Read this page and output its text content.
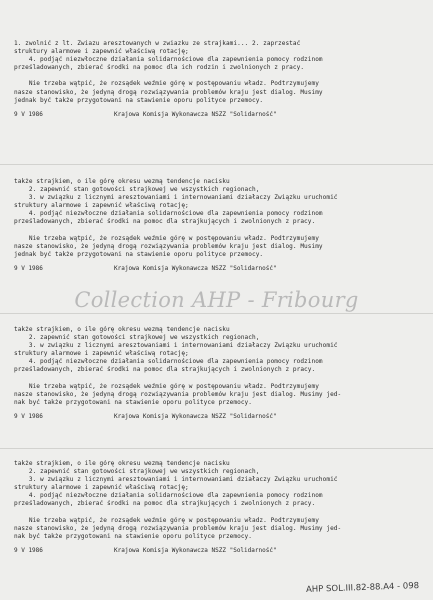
1. zwolnić z lt. Zwiazu aresztowanych w zwiazku ze strajkami... 2. zaprzestać
struktury alarmowe i zapewnić właściwą rotację;
4. podjąć niezwłoczne działania solidarnościowe dla zapewnienia pomocy rodzinom
prześladowanych, zbierać środki na pomoc dla ich rodzin i zwolnionych z pracy.

Nie trzeba wątpić, że rozsądek weźmie górę w postępowaniu władz. Podtrzymujemy
nasze stanowisko, że jedyną drogą rozwiązywania problemów kraju jest dialog. Musimy
jednak być także przygotowani na stawienie oporu polityce przemocy.
9 V 1986	Krajowa Komisja Wykonawcza NSZZ "Solidarność"
także strajkiem, o ile górę okresu wezmą tendencje nacisku
2. zapewnić stan gotowości strajkowej we wszystkich regionach,
3. w związku z licznymi aresztowaniami i internowaniami działaczy Związku uruchomić
struktury alarmowe i zapewnić właściwą rotację;
4. podjąć niezwłoczne działania solidarnościowe dla zapewnienia pomocy rodzinom
prześladowanych, zbierać środki na pomoc dla strajkujących i zwolnionych z pracy.

Nie trzeba wątpić, że rozsądek weźmie górę w postępowaniu władz. Podtrzymujemy
nasze stanowisko, że jedyną drogą rozwiązywania problemów kraju jest dialog. Musimy
jednak być także przygotowani na stawienie oporu polityce przemocy.
9 V 1986	Krajowa Komisja Wykonawcza NSZZ "Solidarność"
Collection AHP - Fribourg
także strajkiem, o ile górę okresu wezmą tendencje nacisku
2. zapewnić stan gotowości strajkowej we wszystkich regionach,
3. w związku z licznymi aresztowaniami i internowaniami działaczy Związku uruchomić
struktury alarmowe i zapewnić właściwą rotację;
4. podjąć niezwłoczne działania solidarnościowe dla zapewnienia pomocy rodzinom
prześladowanych, zbierać środki na pomoc dla strajkujących i zwolnionych z pracy.

Nie trzeba wątpić, że rozsądek weźmie górę w postępowaniu władz. Podtrzymujemy
nasze stanowisko, że jedyną drogą rozwiązywania problemów kraju jest dialog. Musimy jed-
nak być także przygotowani na stawienie oporu polityce przemocy.
9 V 1986	Krajowa Komisja Wykonawcza NSZZ "Solidarność"
także strajkiem, o ile górę okresu wezmą tendencje nacisku
2. zapewnić stan gotowości strajkowej we wszystkich regionach,
3. w związku z licznymi aresztowaniami i internowaniami działaczy Związku uruchomić
struktury alarmowe i zapewnić właściwą rotację;
4. podjąć niezwłoczne działania solidarnościowe dla zapewnienia pomocy rodzinom
prześladowanych, zbierać środki na pomoc dla strajkujących i zwolnionych z pracy.

Nie trzeba wątpić, że rozsądek weźmie górę w postępowaniu władz. Podtrzymujemy
nasze stanowisko, że jedyną drogą rozwiązywania problemów kraju jest dialog. Musimy jed-
nak być także przygotowani na stawienie oporu polityce przemocy.
9 V 1986	Krajowa Komisja Wykonawcza NSZZ "Solidarność"
AHP SOL.III.82-88.A4 - 098
